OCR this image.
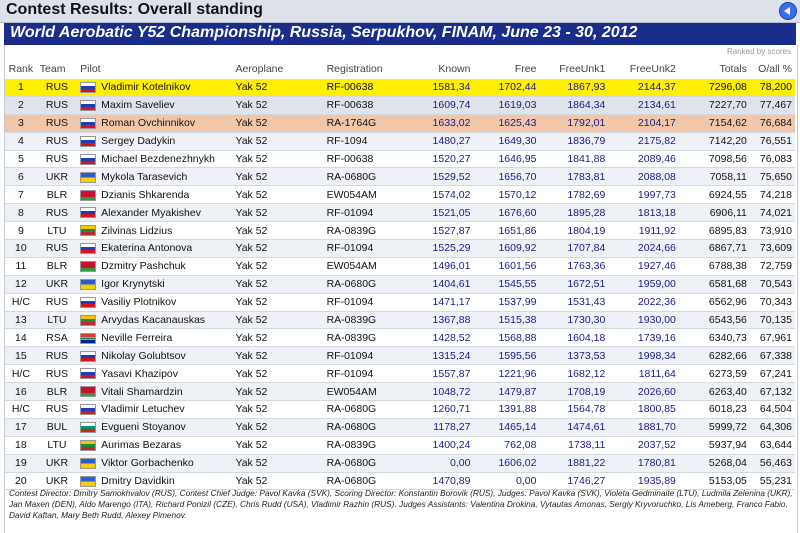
Contest Results: Overall standing
World Aerobatic Y52 Championship, Russia, Serpukhov, FINAM, June 23 - 30, 2012
Ranked by scores
Rank	Team	Pilot	Aeroplane	Registration	Known	Free	FreeUnk1	FreeUnk2	Totals	O/all %
1	RUS	Vladimir Kotelnikov	Yak 52	RF-00638	1581,34	1702,44	1867,93	2144,37	7296,08	78,200
2	RUS	Maxim Saveliev	Yak 52	RF-00638	1609,74	1619,03	1864,34	2134,61	7227,70	77,467
3	RUS	Roman Ovchinnikov	Yak 52	RA-1764G	1633,02	1625,43	1792,01	2104,17	7154,62	76,684
4	RUS	Sergey Dadykin	Yak 52	RF-1094	1480,27	1649,30	1836,79	2175,82	7142,20	76,551
5	RUS	Michael Bezdenezhnykh	Yak 52	RF-00638	1520,27	1646,95	1841,88	2089,46	7098,56	76,083
6	UKR	Mykola Tarasevich	Yak 52	RA-0680G	1529,52	1656,70	1783,81	2088,08	7058,11	75,650
7	BLR	Dzianis Shkarenda	Yak 52	EW054AM	1574,02	1570,12	1782,69	1997,73	6924,55	74,218
8	RUS	Alexander Myakishev	Yak 52	RF-01094	1521,05	1676,60	1895,28	1813,18	6906,11	74,021
9	LTU	Zilvinas Lidzius	Yak 52	RA-0839G	1527,87	1651,86	1804,19	1911,92	6895,83	73,910
10	RUS	Ekaterina Antonova	Yak 52	RF-01094	1525,29	1609,92	1707,84	2024,66	6867,71	73,609
11	BLR	Dzmitry Pashchuk	Yak 52	EW054AM	1496,01	1601,56	1763,36	1927,46	6788,38	72,759
12	UKR	Igor Krynytski	Yak 52	RA-0680G	1404,61	1545,55	1672,51	1959,00	6581,68	70,543
H/C	RUS	Vasiliy Plotnikov	Yak 52	RF-01094	1471,17	1537,99	1531,43	2022,36	6562,96	70,343
13	LTU	Arvydas Kacanauskas	Yak 52	RA-0839G	1367,88	1515,38	1730,30	1930,00	6543,56	70,135
14	RSA	Neville Ferreira	Yak 52	RA-0839G	1428,52	1568,88	1604,18	1739,16	6340,73	67,961
15	RUS	Nikolay Golubtsov	Yak 52	RF-01094	1315,24	1595,56	1373,53	1998,34	6282,66	67,338
H/C	RUS	Yasavi Khazipov	Yak 52	RF-01094	1557,87	1221,96	1682,12	1811,64	6273,59	67,241
16	BLR	Vitali Shamardzin	Yak 52	EW054AM	1048,72	1479,87	1708,19	2026,60	6263,40	67,132
H/C	RUS	Vladimir Letuchev	Yak 52	RA-0680G	1260,71	1391,88	1564,78	1800,85	6018,23	64,504
17	BUL	Evgueni Stoyanov	Yak 52	RA-0680G	1178,27	1465,14	1474,61	1881,70	5999,72	64,306
18	LTU	Aurimas Bezaras	Yak 52	RA-0839G	1400,24	762,08	1738,11	2037,52	5937,94	63,644
19	UKR	Viktor Gorbachenko	Yak 52	RA-0680G	0,00	1606,02	1881,22	1780,81	5268,04	56,463
20	UKR	Dmitry Davidkin	Yak 52	RA-0680G	1470,89	0,00	1746,27	1935,89	5153,05	55,231
Contest Director: Dmitry Samokhvalov (RUS), Contest Chief Judge: Pavol Kavka (SVK), Scoring Director: Konstantin Borovik (RUS), Judges: Pavol Kavka (SVK), Violeta Gedminaite (LTU), Ludmila Zelenina (UKR), Jan Maxen (DEN), Aldo Marengo (ITA), Richard Ponizil (CZE), Chris Rudd (USA), Vladimir Razhin (RUS). Judges Assistants: Valentina Drokina, Vytautas Amonas, Sergiy Kryvoruchko, Lis Ameberg, Franco Fabio, David Kaftan, Mary Beth Rudd, Alexey Pimenov.
